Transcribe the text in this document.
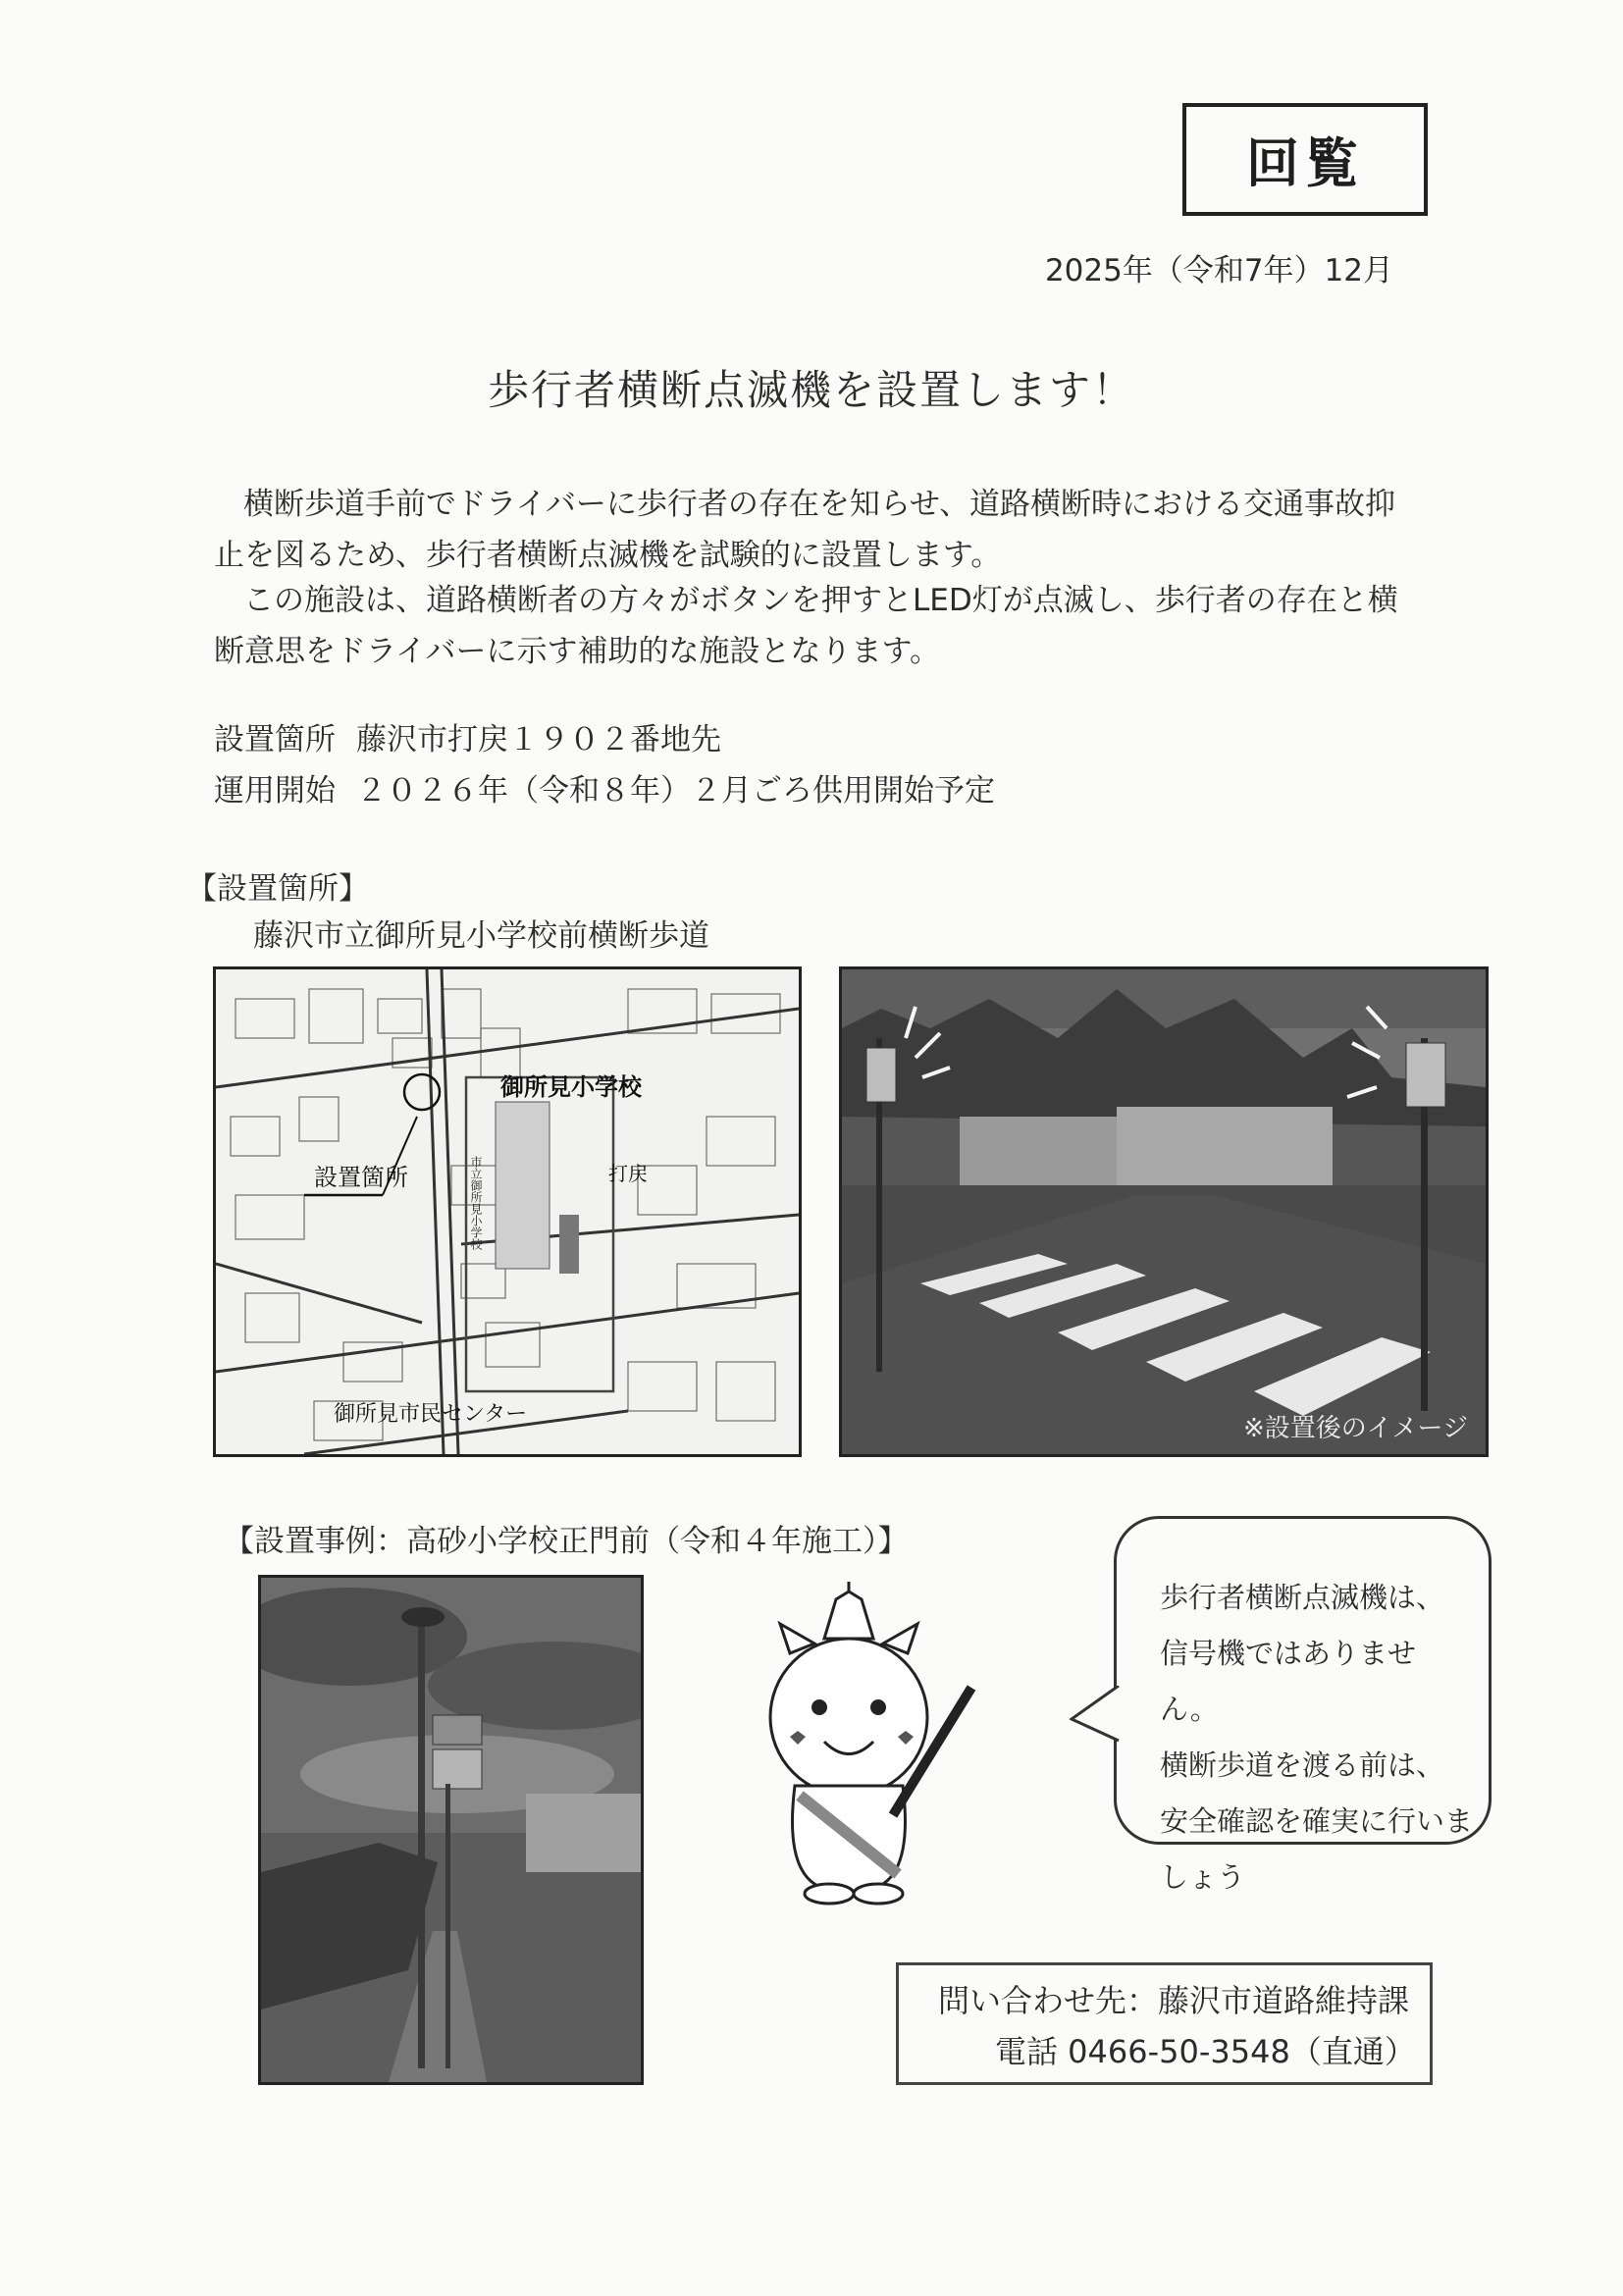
回覧
2025年（令和7年）12月
歩行者横断点滅機を設置します！
横断歩道手前でドライバーに歩行者の存在を知らせ、道路横断時における交通事故抑止を図るため、歩行者横断点滅機を試験的に設置します。
この施設は、道路横断者の方々がボタンを押すとLED灯が点滅し、歩行者の存在と横断意思をドライバーに示す補助的な施設となります。
設置箇所 藤沢市打戻１９０２番地先
運用開始 ２０２６年（令和８年）２月ごろ供用開始予定
【設置箇所】
藤沢市立御所見小学校前横断歩道
御所見小学校
設置箇所
御所見市民センター
打戻
市立御所見小学校
※設置後のイメージ
【設置事例：高砂小学校正門前（令和４年施工）】
歩行者横断点滅機は、
信号機ではありません。
横断歩道を渡る前は、
安全確認を確実に行いま
しょう
問い合わせ先：藤沢市道路維持課
電話 0466-50-3548（直通）
